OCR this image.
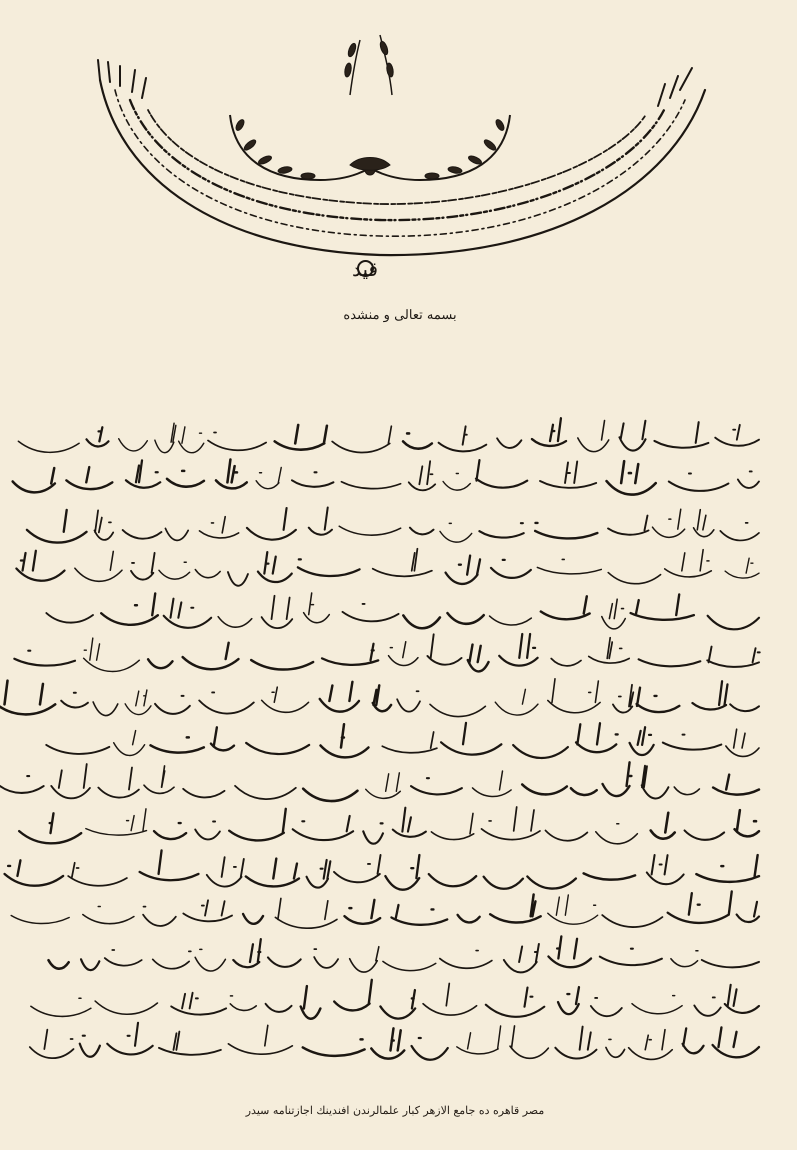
قيد
بسمه تعالى و منشده
مصر قاهره ده جامع الازهر كبار علمالرندن افندينك اجازتنامه سيدر
